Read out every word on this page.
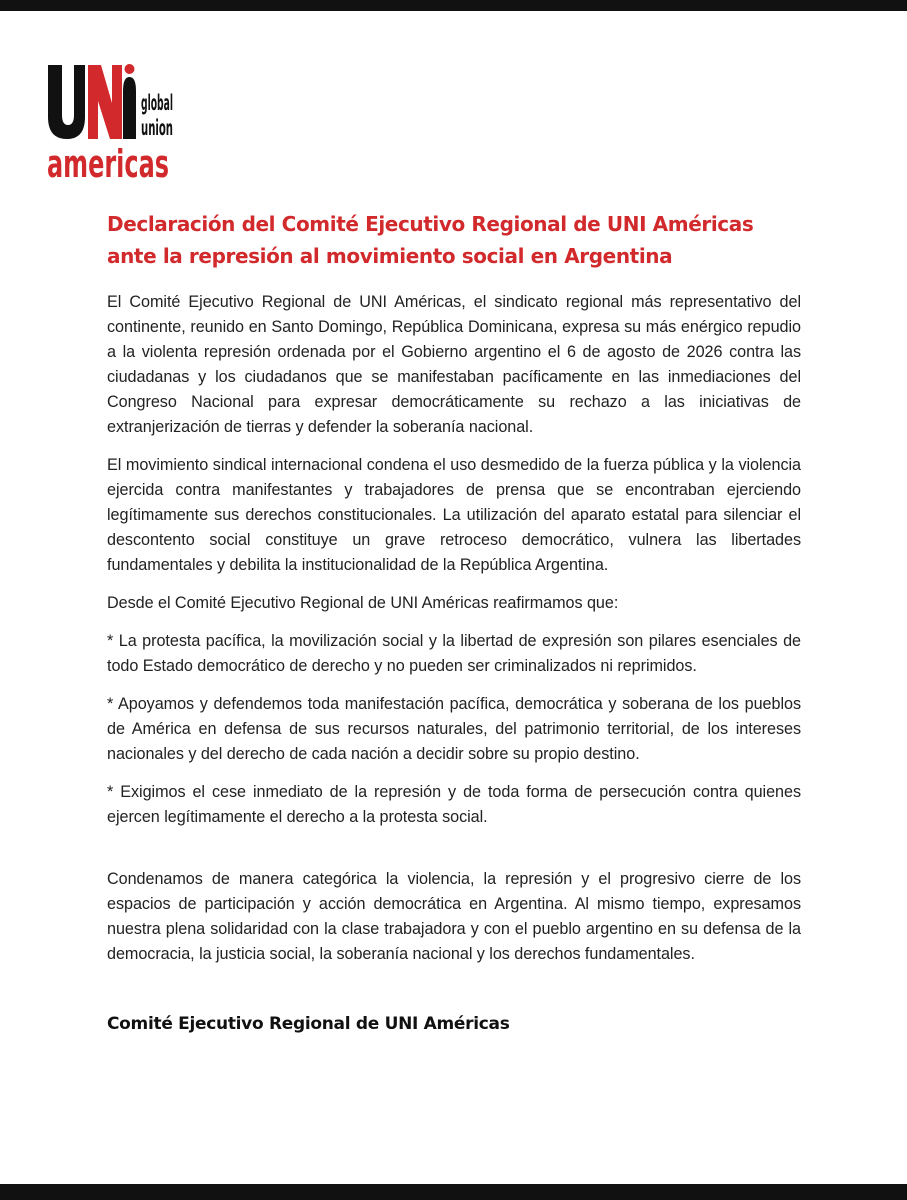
global
union
americas
Declaración del Comité Ejecutivo Regional de UNI Américas ante la represión al movimiento social en Argentina

El Comité Ejecutivo Regional de UNI Américas, el sindicato regional más representativo del continente, reunido en Santo Domingo, República Dominicana, expresa su más enérgico repudio a la violenta represión ordenada por el Gobierno argentino el 6 de agosto de 2026 contra las ciudadanas y los ciudadanos que se manifestaban pacíficamente en las inmediaciones del Congreso Nacional para expresar democráticamente su rechazo a las iniciativas de extranjerización de tierras y defender la soberanía nacional.

El movimiento sindical internacional condena el uso desmedido de la fuerza pública y la violencia ejercida contra manifestantes y trabajadores de prensa que se encontraban ejerciendo legítimamente sus derechos constitucionales. La utilización del aparato estatal para silenciar el descontento social constituye un grave retroceso democrático, vulnera las libertades fundamentales y debilita la institucionalidad de la República Argentina.

Desde el Comité Ejecutivo Regional de UNI Américas reafirmamos que:

* La protesta pacífica, la movilización social y la libertad de expresión son pilares esenciales de todo Estado democrático de derecho y no pueden ser criminalizados ni reprimidos.

* Apoyamos y defendemos toda manifestación pacífica, democrática y soberana de los pueblos de América en defensa de sus recursos naturales, del patrimonio territorial, de los intereses nacionales y del derecho de cada nación a decidir sobre su propio destino.

* Exigimos el cese inmediato de la represión y de toda forma de persecución contra quienes ejercen legítimamente el derecho a la protesta social.

Condenamos de manera categórica la violencia, la represión y el progresivo cierre de los espacios de participación y acción democrática en Argentina. Al mismo tiempo, expresamos nuestra plena solidaridad con la clase trabajadora y con el pueblo argentino en su defensa de la democracia, la justicia social, la soberanía nacional y los derechos fundamentales.

Comité Ejecutivo Regional de UNI Américas
